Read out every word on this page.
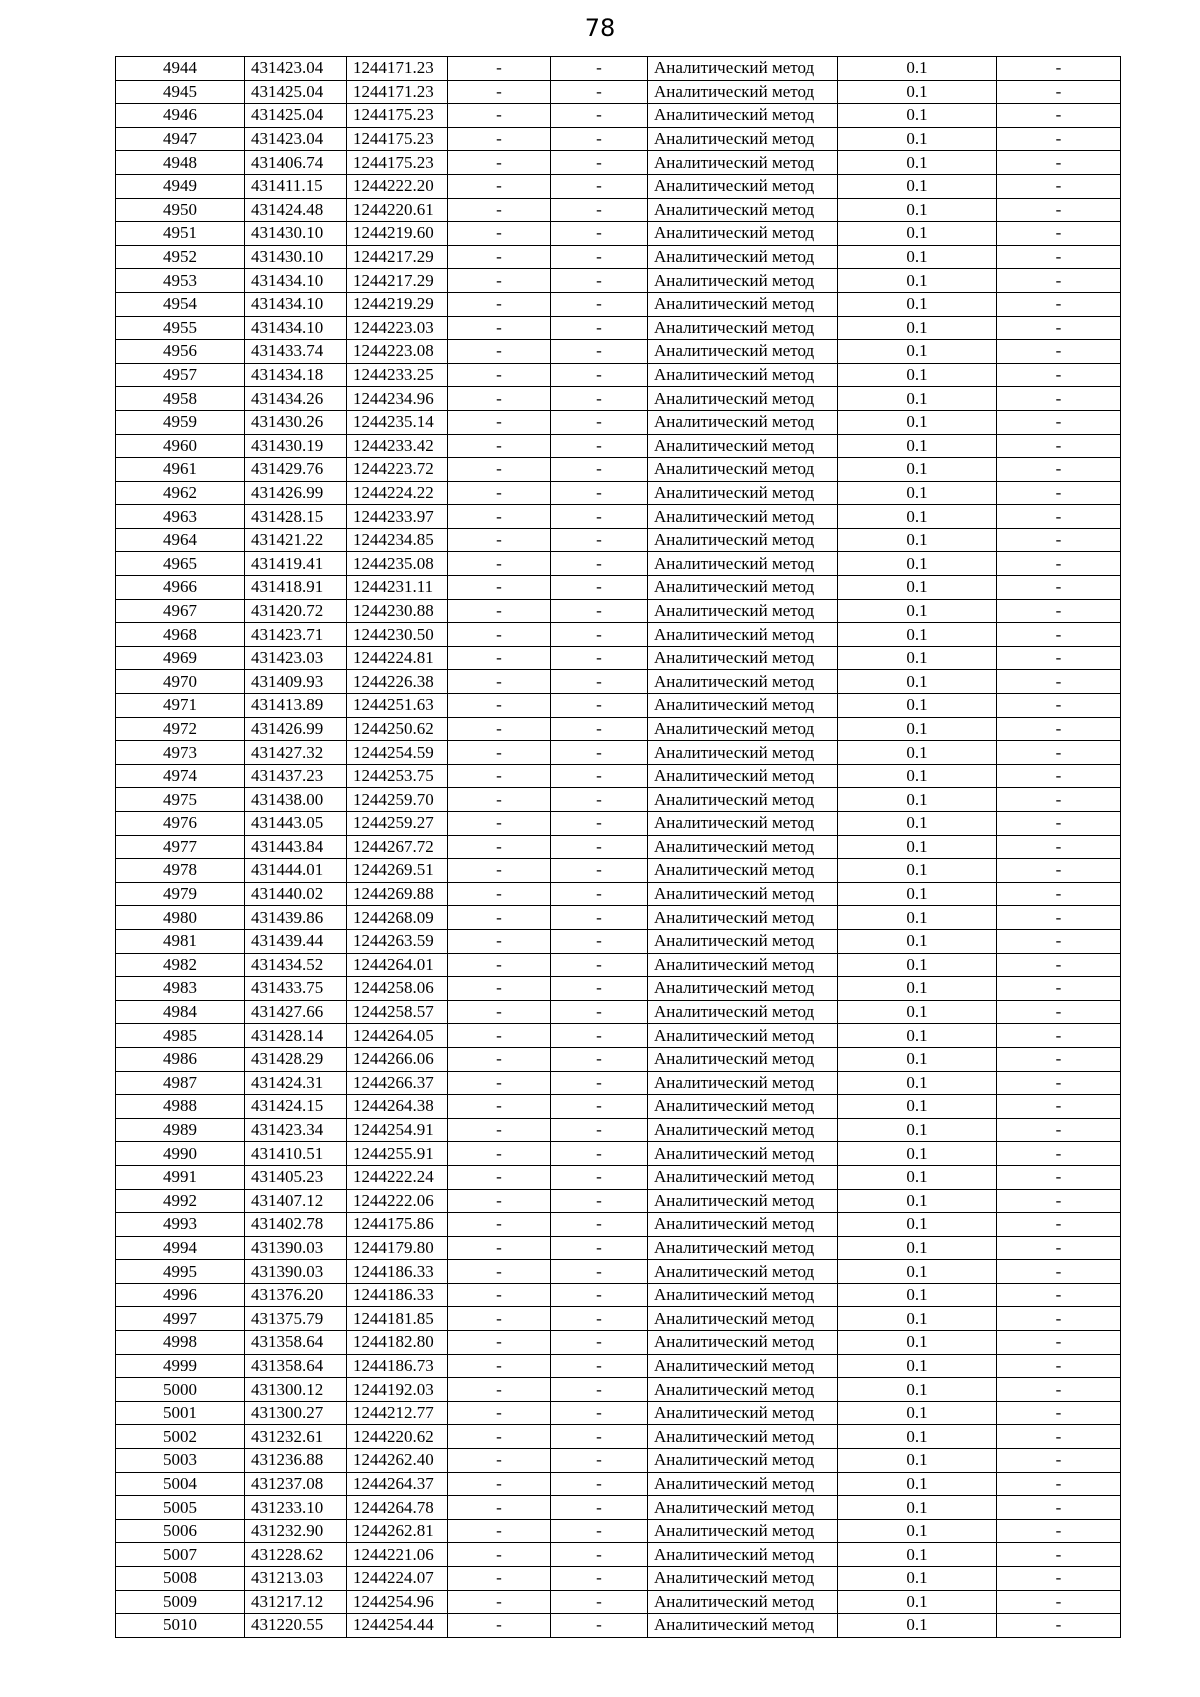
78
4944	431423.04	1244171.23	-	-	Аналитический метод	0.1	-
4945	431425.04	1244171.23	-	-	Аналитический метод	0.1	-
4946	431425.04	1244175.23	-	-	Аналитический метод	0.1	-
4947	431423.04	1244175.23	-	-	Аналитический метод	0.1	-
4948	431406.74	1244175.23	-	-	Аналитический метод	0.1	-
4949	431411.15	1244222.20	-	-	Аналитический метод	0.1	-
4950	431424.48	1244220.61	-	-	Аналитический метод	0.1	-
4951	431430.10	1244219.60	-	-	Аналитический метод	0.1	-
4952	431430.10	1244217.29	-	-	Аналитический метод	0.1	-
4953	431434.10	1244217.29	-	-	Аналитический метод	0.1	-
4954	431434.10	1244219.29	-	-	Аналитический метод	0.1	-
4955	431434.10	1244223.03	-	-	Аналитический метод	0.1	-
4956	431433.74	1244223.08	-	-	Аналитический метод	0.1	-
4957	431434.18	1244233.25	-	-	Аналитический метод	0.1	-
4958	431434.26	1244234.96	-	-	Аналитический метод	0.1	-
4959	431430.26	1244235.14	-	-	Аналитический метод	0.1	-
4960	431430.19	1244233.42	-	-	Аналитический метод	0.1	-
4961	431429.76	1244223.72	-	-	Аналитический метод	0.1	-
4962	431426.99	1244224.22	-	-	Аналитический метод	0.1	-
4963	431428.15	1244233.97	-	-	Аналитический метод	0.1	-
4964	431421.22	1244234.85	-	-	Аналитический метод	0.1	-
4965	431419.41	1244235.08	-	-	Аналитический метод	0.1	-
4966	431418.91	1244231.11	-	-	Аналитический метод	0.1	-
4967	431420.72	1244230.88	-	-	Аналитический метод	0.1	-
4968	431423.71	1244230.50	-	-	Аналитический метод	0.1	-
4969	431423.03	1244224.81	-	-	Аналитический метод	0.1	-
4970	431409.93	1244226.38	-	-	Аналитический метод	0.1	-
4971	431413.89	1244251.63	-	-	Аналитический метод	0.1	-
4972	431426.99	1244250.62	-	-	Аналитический метод	0.1	-
4973	431427.32	1244254.59	-	-	Аналитический метод	0.1	-
4974	431437.23	1244253.75	-	-	Аналитический метод	0.1	-
4975	431438.00	1244259.70	-	-	Аналитический метод	0.1	-
4976	431443.05	1244259.27	-	-	Аналитический метод	0.1	-
4977	431443.84	1244267.72	-	-	Аналитический метод	0.1	-
4978	431444.01	1244269.51	-	-	Аналитический метод	0.1	-
4979	431440.02	1244269.88	-	-	Аналитический метод	0.1	-
4980	431439.86	1244268.09	-	-	Аналитический метод	0.1	-
4981	431439.44	1244263.59	-	-	Аналитический метод	0.1	-
4982	431434.52	1244264.01	-	-	Аналитический метод	0.1	-
4983	431433.75	1244258.06	-	-	Аналитический метод	0.1	-
4984	431427.66	1244258.57	-	-	Аналитический метод	0.1	-
4985	431428.14	1244264.05	-	-	Аналитический метод	0.1	-
4986	431428.29	1244266.06	-	-	Аналитический метод	0.1	-
4987	431424.31	1244266.37	-	-	Аналитический метод	0.1	-
4988	431424.15	1244264.38	-	-	Аналитический метод	0.1	-
4989	431423.34	1244254.91	-	-	Аналитический метод	0.1	-
4990	431410.51	1244255.91	-	-	Аналитический метод	0.1	-
4991	431405.23	1244222.24	-	-	Аналитический метод	0.1	-
4992	431407.12	1244222.06	-	-	Аналитический метод	0.1	-
4993	431402.78	1244175.86	-	-	Аналитический метод	0.1	-
4994	431390.03	1244179.80	-	-	Аналитический метод	0.1	-
4995	431390.03	1244186.33	-	-	Аналитический метод	0.1	-
4996	431376.20	1244186.33	-	-	Аналитический метод	0.1	-
4997	431375.79	1244181.85	-	-	Аналитический метод	0.1	-
4998	431358.64	1244182.80	-	-	Аналитический метод	0.1	-
4999	431358.64	1244186.73	-	-	Аналитический метод	0.1	-
5000	431300.12	1244192.03	-	-	Аналитический метод	0.1	-
5001	431300.27	1244212.77	-	-	Аналитический метод	0.1	-
5002	431232.61	1244220.62	-	-	Аналитический метод	0.1	-
5003	431236.88	1244262.40	-	-	Аналитический метод	0.1	-
5004	431237.08	1244264.37	-	-	Аналитический метод	0.1	-
5005	431233.10	1244264.78	-	-	Аналитический метод	0.1	-
5006	431232.90	1244262.81	-	-	Аналитический метод	0.1	-
5007	431228.62	1244221.06	-	-	Аналитический метод	0.1	-
5008	431213.03	1244224.07	-	-	Аналитический метод	0.1	-
5009	431217.12	1244254.96	-	-	Аналитический метод	0.1	-
5010	431220.55	1244254.44	-	-	Аналитический метод	0.1	-
